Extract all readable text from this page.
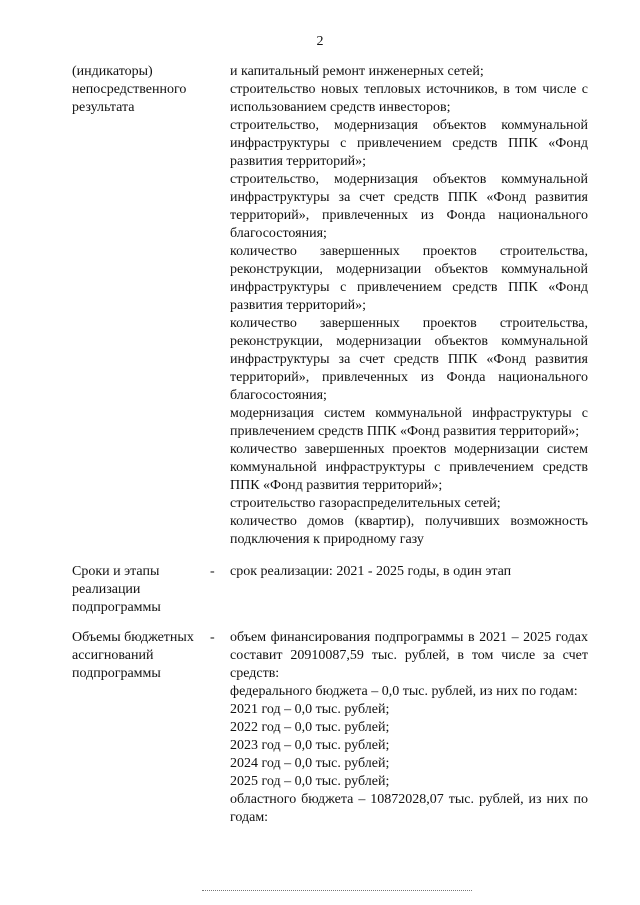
2
(индикаторы) непосредственного результата

и капитальный ремонт инженерных сетей;

строительство новых тепловых источников, в том числе с использованием средств инвесторов;

строительство, модернизация объектов коммунальной инфраструктуры с привлечением средств ППК «Фонд развития территорий»;

строительство, модернизация объектов коммунальной инфраструктуры за счет средств ППК «Фонд развития территорий», привлеченных из Фонда национального благосостояния;

количество завершенных проектов строительства, реконструкции, модернизации объектов коммунальной инфраструктуры с привлечением средств ППК «Фонд развития территорий»;

количество завершенных проектов строительства, реконструкции, модернизации объектов коммунальной инфраструктуры за счет средств ППК «Фонд развития территорий», привлеченных из Фонда национального благосостояния;

модернизация систем коммунальной инфраструктуры с привлечением средств ППК «Фонд развития территорий»;

количество завершенных проектов модернизации систем коммунальной инфраструктуры с привлечением средств ППК «Фонд развития территорий»;

строительство газораспределительных сетей;

количество домов (квартир), получивших возможность подключения к природному газу

Сроки и этапы реализации подпрограммы
- срок реализации: 2021 - 2025 годы, в один этап

Объемы бюджетных ассигнований подпрограммы
- объем финансирования подпрограммы в 2021 – 2025 годах составит 20910087,59 тыс. рублей, в том числе за счет средств:

федерального бюджета – 0,0 тыс. рублей, из них по годам:

2021 год – 0,0 тыс. рублей;

2022 год – 0,0 тыс. рублей;

2023 год – 0,0 тыс. рублей;

2024 год – 0,0 тыс. рублей;

2025 год – 0,0 тыс. рублей;

областного бюджета – 10872028,07 тыс. рублей, из них по годам:
